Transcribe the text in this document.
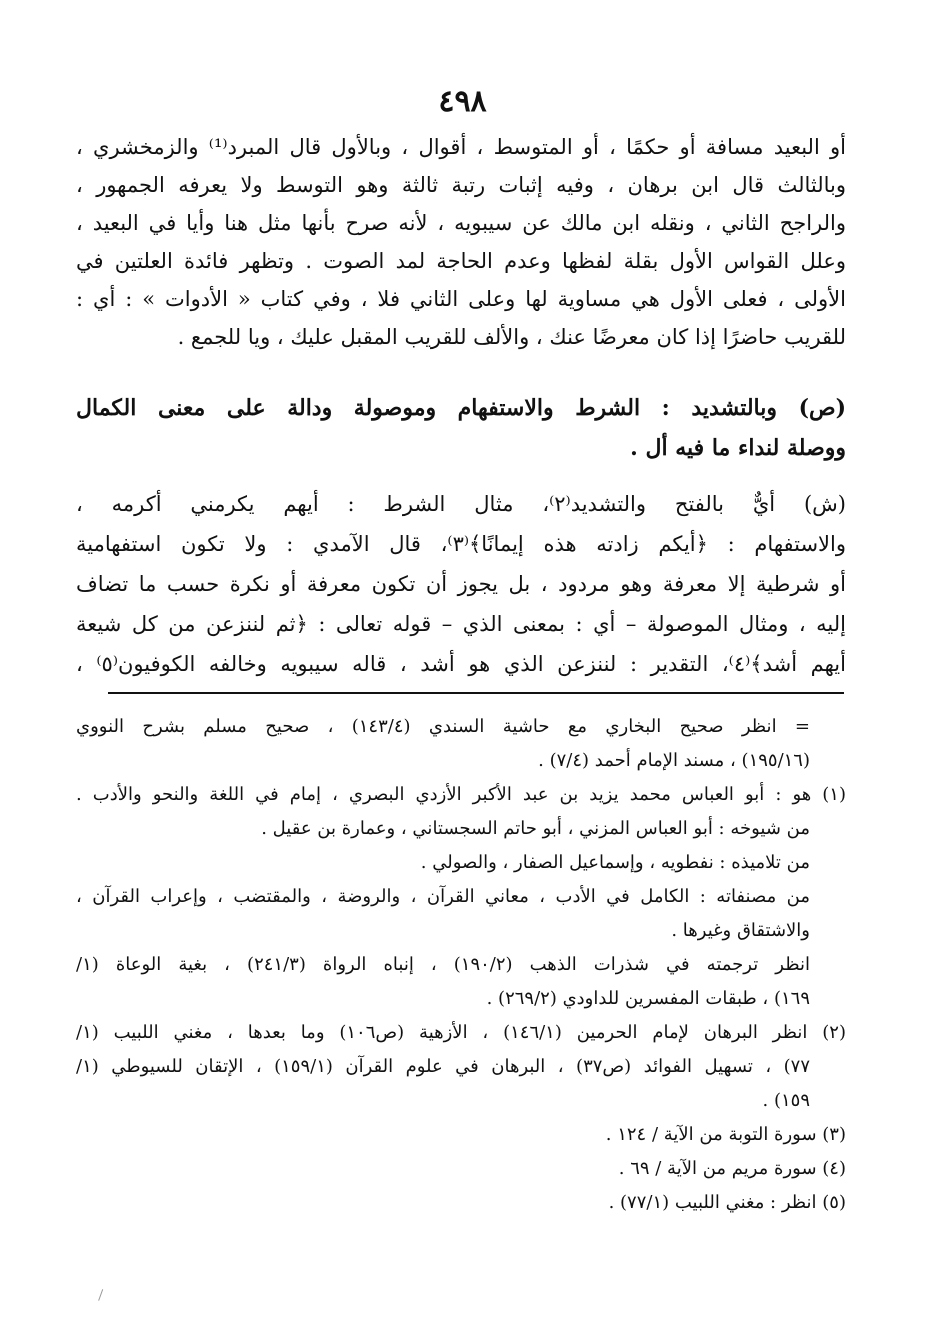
٤٩٨
أو البعيد مسافة أو حكمًا ، أو المتوسط ، أقوال ، وبالأول قال المبرد⁽¹⁾ والزمخشري ،
وبالثالث قال ابن برهان ، وفيه إثبات رتبة ثالثة وهو التوسط ولا يعرفه الجمهور ،
والراجح الثاني ، ونقله ابن مالك عن سيبويه ، لأنه صرح بأنها مثل هنا وأيا في البعيد ،
وعلل القواس الأول بقلة لفظها وعدم الحاجة لمد الصوت . وتظهر فائدة العلتين في
الأولى ، فعلى الأول هي مساوية لها وعلى الثاني فلا ، وفي كتاب « الأدوات » : أي :
للقريب حاضرًا إذا كان معرضًا عنك ، والألف للقريب المقبل عليك ، ويا للجمع .
(ص) وبالتشديد : الشرط والاستفهام وموصولة ودالة على معنى الكمال
ووصلة لنداء ما فيه أل .
(ش) أيٌّ بالفتح والتشديد⁽٢⁾، مثال الشرط : أيهم يكرمني أكرمه ،
والاستفهام : ﴿أيكم زادته هذه إيمانًا﴾⁽٣⁾، قال الآمدي : ولا تكون استفهامية
أو شرطية إلا معرفة وهو مردود ، بل يجوز أن تكون معرفة أو نكرة حسب ما تضاف
إليه ، ومثال الموصولة – أي : بمعنى الذي – قوله تعالى : ﴿ثم لننزعن من كل شيعة
أيهم أشد﴾⁽٤⁾، التقدير : لننزعن الذي هو أشد ، قاله سيبويه وخالفه الكوفيون⁽٥⁾ ،
= انظر صحيح البخاري مع حاشية السندي (١٤٣/٤) ، صحيح مسلم بشرح النووي
(١٩٥/١٦) ، مسند الإمام أحمد (٧/٤) .
(١) هو : أبو العباس محمد يزيد بن عبد الأكبر الأزدي البصري ، إمام في اللغة والنحو والأدب .
من شيوخه : أبو العباس المزني ، أبو حاتم السجستاني ، وعمارة بن عقيل .
من تلاميذه : نفطويه ، وإسماعيل الصفار ، والصولي .
من مصنفاته : الكامل في الأدب ، معاني القرآن ، والروضة ، والمقتضب ، وإعراب القرآن ،
والاشتقاق وغيرها .
انظر ترجمته في شذرات الذهب (١٩٠/٢) ، إنباه الرواة (٢٤١/٣) ، بغية الوعاة (١/
١٦٩) ، طبقات المفسرين للداودي (٢٦٩/٢) .
(٢) انظر البرهان لإمام الحرمين (١٤٦/١) ، الأزهية (ص١٠٦) وما بعدها ، مغني اللبيب (١/
٧٧) ، تسهيل الفوائد (ص٣٧) ، البرهان في علوم القرآن (١٥٩/١) ، الإتقان للسيوطي (١/
١٥٩) .
(٣) سورة التوبة من الآية / ١٢٤ .
(٤) سورة مريم من الآية / ٦٩ .
(٥) انظر : مغني اللبيب (٧٧/١) .
